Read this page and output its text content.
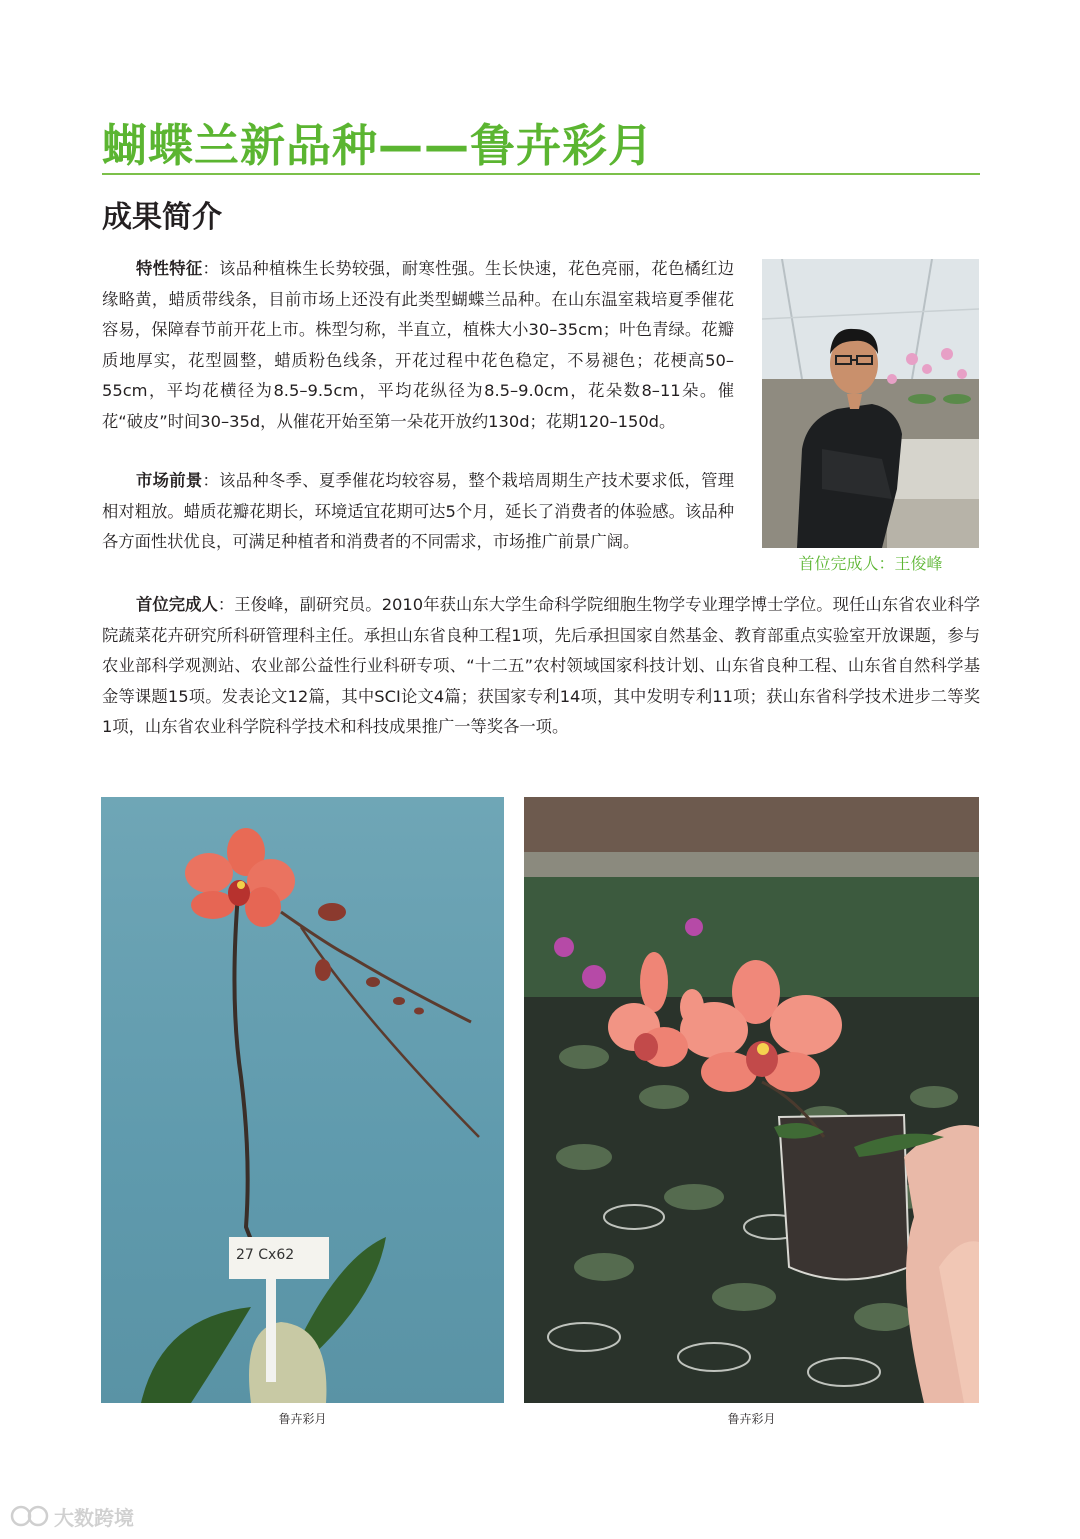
蝴蝶兰新品种——鲁卉彩月
成果简介

特性特征：该品种植株生长势较强，耐寒性强。生长快速，花色亮丽，花色橘红边缘略黄，蜡质带线条，目前市场上还没有此类型蝴蝶兰品种。在山东温室栽培夏季催花容易，保障春节前开花上市。株型匀称，半直立，植株大小30–35cm；叶色青绿。花瓣质地厚实，花型圆整，蜡质粉色线条，开花过程中花色稳定，不易褪色；花梗高50–55cm，平均花横径为8.5–9.5cm，平均花纵径为8.5–9.0cm，花朵数8–11朵。催花“破皮”时间30–35d，从催花开始至第一朵花开放约130d；花期120–150d。

市场前景：该品种冬季、夏季催花均较容易，整个栽培周期生产技术要求低，管理相对粗放。蜡质花瓣花期长，环境适宜花期可达5个月，延长了消费者的体验感。该品种各方面性状优良，可满足种植者和消费者的不同需求，市场推广前景广阔。

首位完成人：王俊峰，副研究员。2010年获山东大学生命科学院细胞生物学专业理学博士学位。现任山东省农业科学院蔬菜花卉研究所科研管理科主任。承担山东省良种工程1项，先后承担国家自然基金、教育部重点实验室开放课题，参与农业部科学观测站、农业部公益性行业科研专项、“十二五”农村领域国家科技计划、山东省良种工程、山东省自然科学基金等课题15项。发表论文12篇，其中SCI论文4篇；获国家专利14项，其中发明专利11项；获山东省科学技术进步二等奖1项，山东省农业科学院科学技术和科技成果推广一等奖各一项。

首位完成人：王俊峰
27 Cx62
鲁卉彩月	鲁卉彩月
大数跨境
